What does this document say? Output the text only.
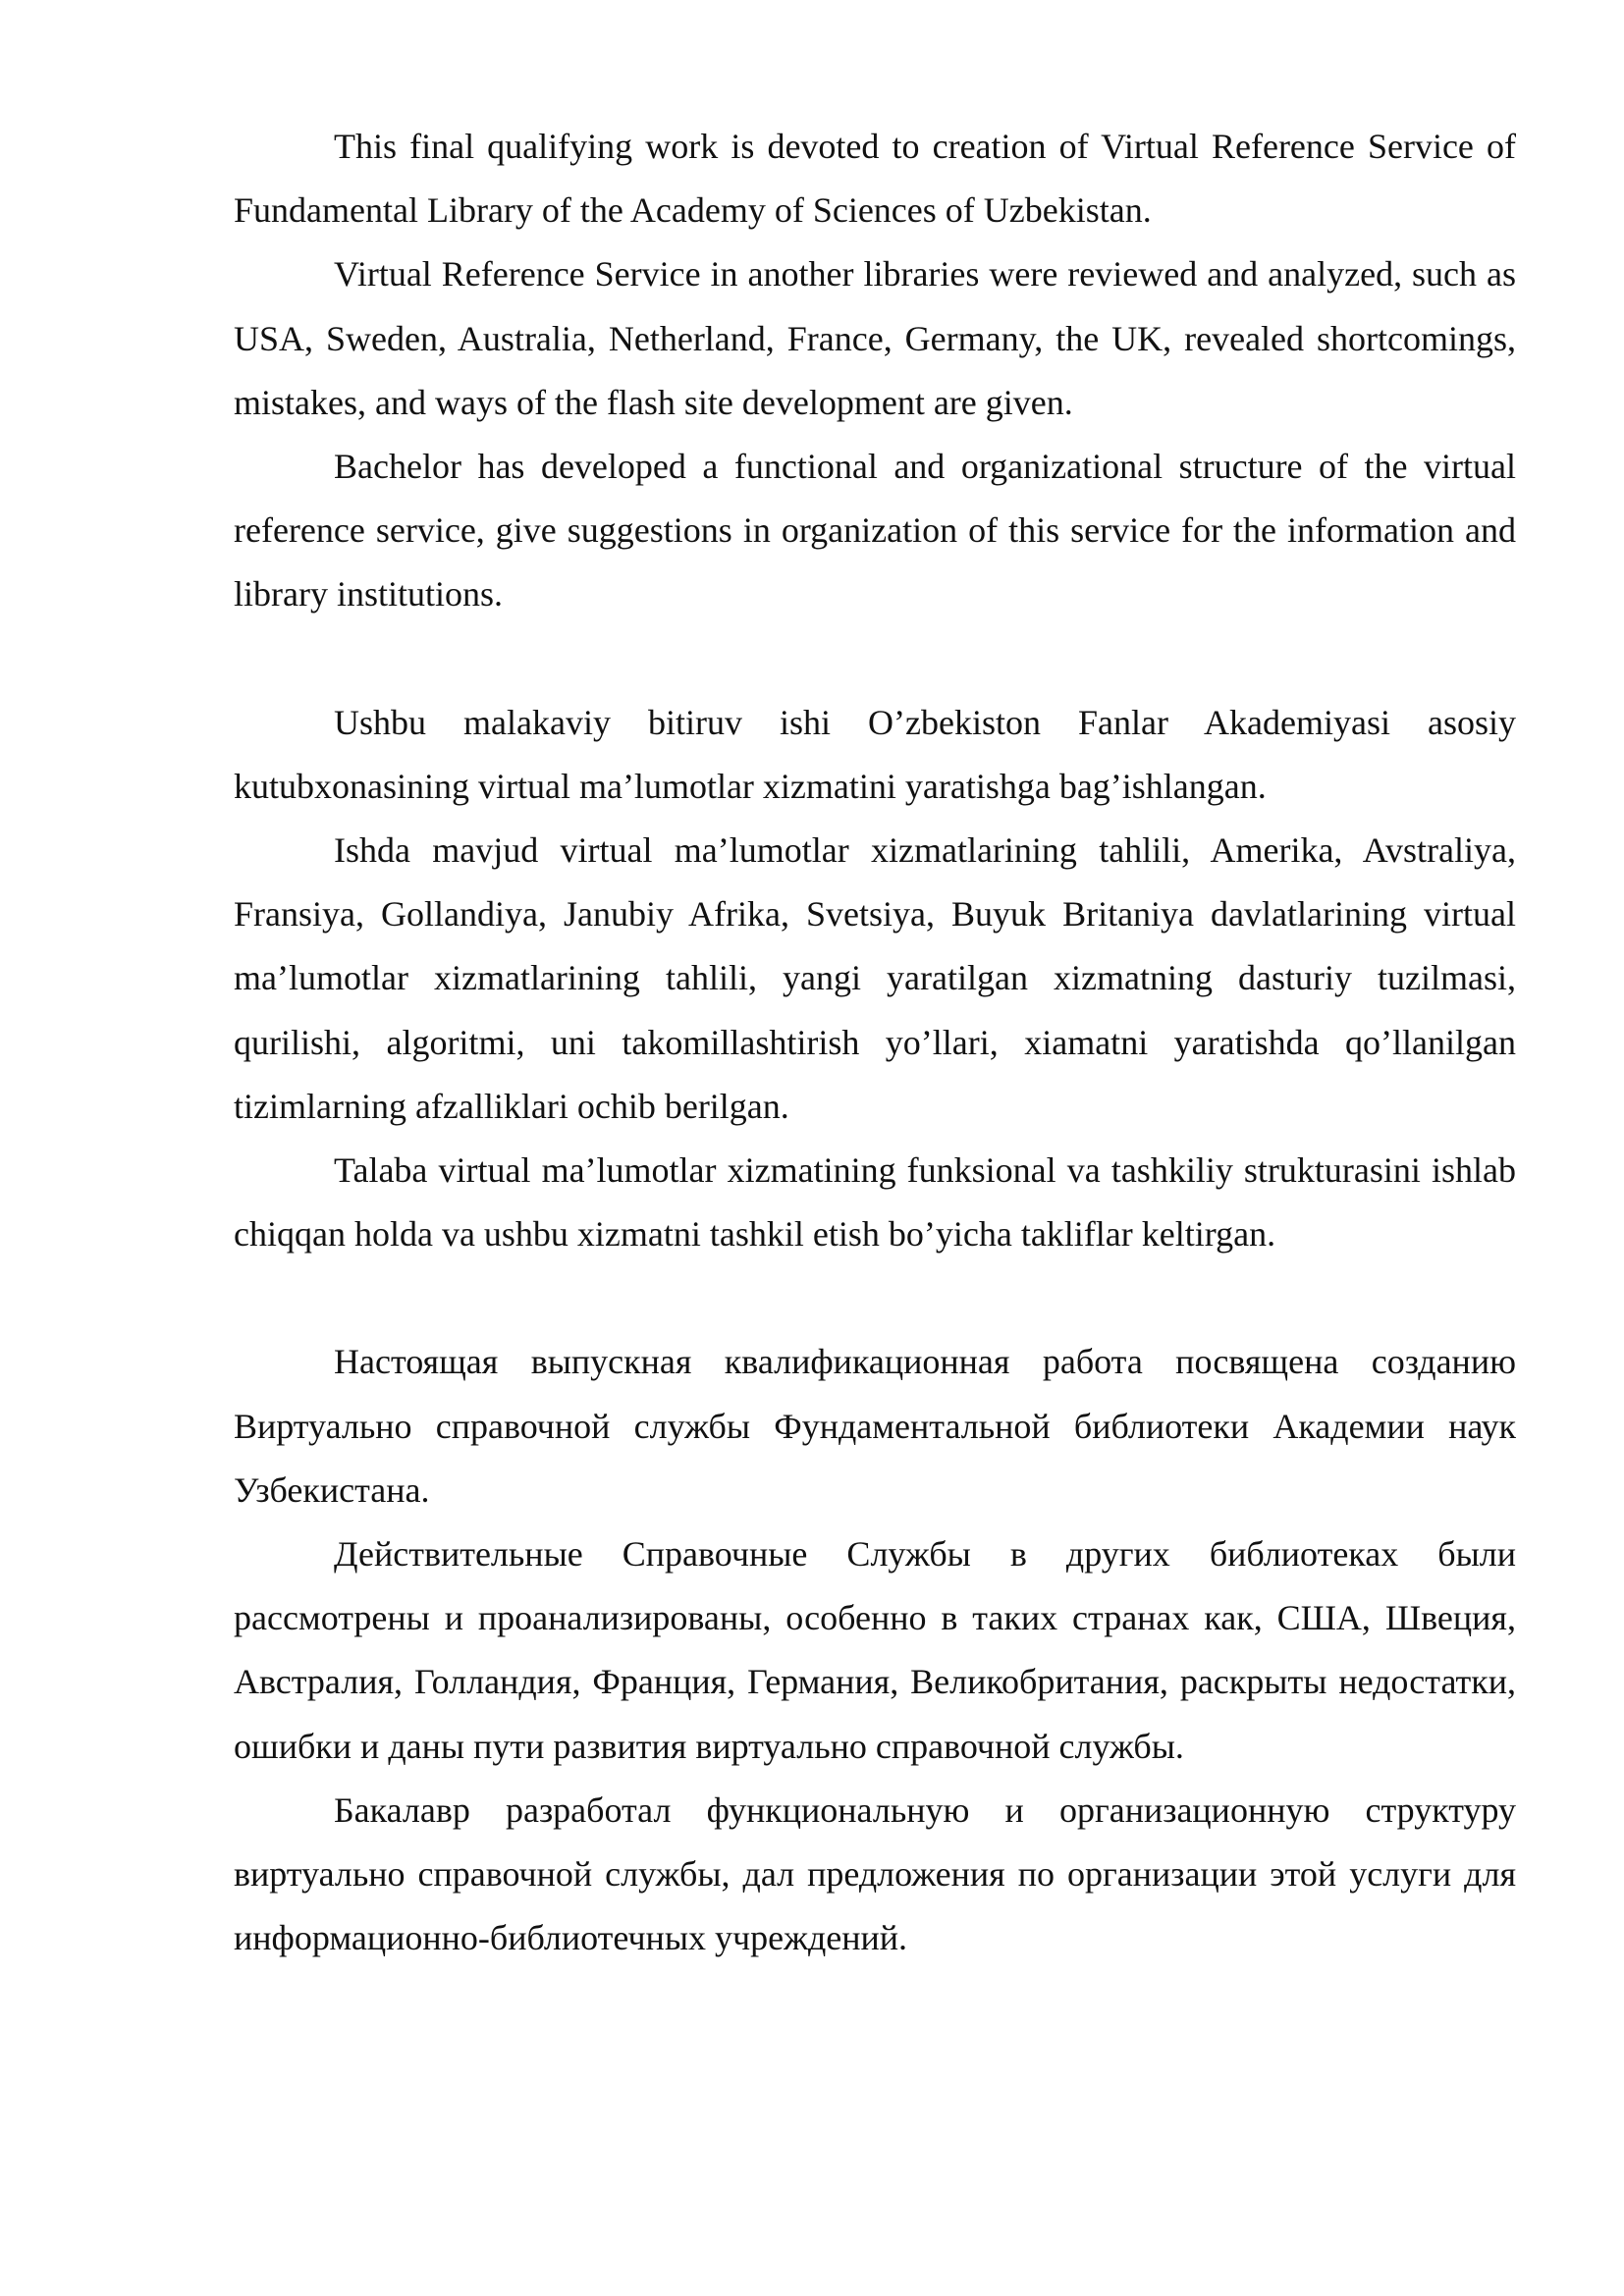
This final qualifying work is devoted to creation of Virtual Reference Service of Fundamental Library of the Academy of Sciences of Uzbekistan.

Virtual Reference Service in another libraries were reviewed and analyzed, such as USA, Sweden, Australia, Netherland, France, Germany, the UK, revealed shortcomings, mistakes, and ways of the flash site development are given.

Bachelor has developed a functional and organizational structure of the virtual reference service, give suggestions in organization of this service for the information and library institutions.

Ushbu malakaviy bitiruv ishi O’zbekiston Fanlar Akademiyasi asosiy kutubxonasining virtual ma’lumotlar xizmatini yaratishga bag’ishlangan.

Ishda mavjud virtual ma’lumotlar xizmatlarining tahlili, Amerika, Avstraliya, Fransiya, Gollandiya, Janubiy Afrika, Svetsiya, Buyuk Britaniya davlatlarining virtual ma’lumotlar xizmatlarining tahlili, yangi yaratilgan xizmatning dasturiy tuzilmasi, qurilishi, algoritmi, uni takomillashtirish yo’llari, xiamatni yaratishda qo’llanilgan tizimlarning afzalliklari ochib berilgan.

Talaba virtual ma’lumotlar xizmatining funksional va tashkiliy strukturasini ishlab chiqqan holda va ushbu xizmatni tashkil etish bo’yicha takliflar keltirgan.

Настоящая выпускная квалификационная работа посвящена созданию Виртуально справочной службы Фундаментальной библиотеки Академии наук Узбекистана.

Действительные Справочные Службы в других библиотеках были рассмотрены и проанализированы, особенно в таких странах как, США, Швеция, Австралия, Голландия, Франция, Германия, Великобритания, раскрыты недостатки, ошибки и даны пути развития виртуально справочной службы.

Бакалавр разработал функциональную и организационную структуру виртуально справочной службы, дал предложения по организации этой услуги для информационно-библиотечных учреждений.
